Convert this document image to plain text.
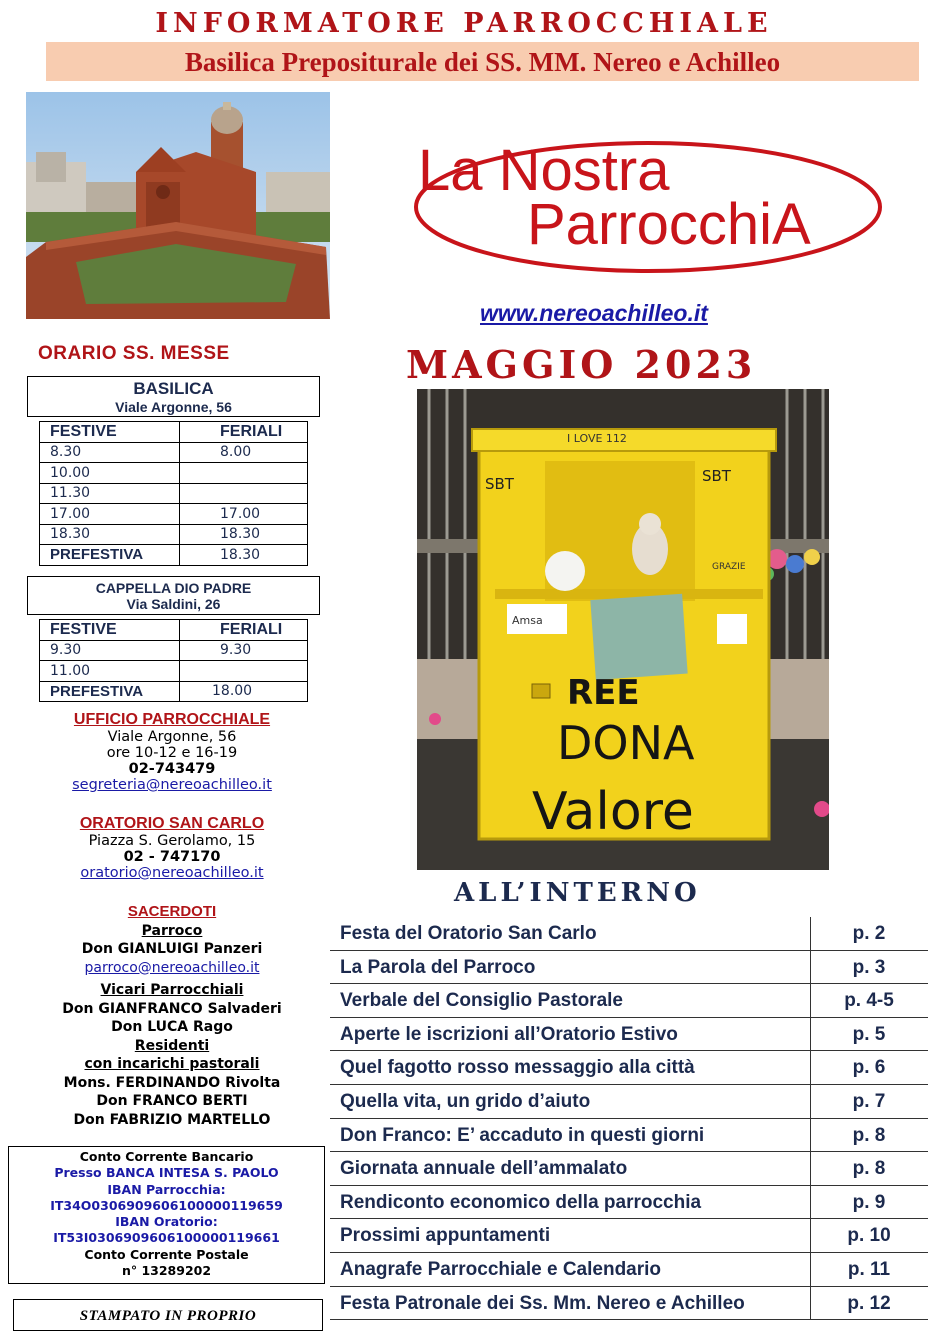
INFORMATORE PARROCCHIALE
Basilica Prepositurale dei SS. MM. Nereo e Achilleo
La Nostra
ParrocchiA
www.nereoachilleo.it
MAGGIO 2023
I LOVE 112
SBT	SBT
Amsa
GRAZIE
REE
DONA
Valore
ALL’INTERNO
Festa del Oratorio San Carlo	p. 2
La Parola del Parroco	p. 3
Verbale del Consiglio Pastorale	p. 4-5
Aperte le iscrizioni all’Oratorio Estivo	p. 5
Quel fagotto rosso messaggio alla città	p. 6
Quella vita, un grido d’aiuto	p. 7
Don Franco: E’ accaduto in questi giorni	p. 8
Giornata annuale dell’ammalato	p. 8
Rendiconto economico della parrocchia	p. 9
Prossimi appuntamenti	p. 10
Anagrafe Parrocchiale e Calendario	p. 11
Festa Patronale dei Ss. Mm. Nereo e Achilleo	p. 12
ORARIO SS. MESSE
BASILICA
Viale Argonne, 56
FESTIVE	FERIALI
8.30	8.00
10.00	
11.30	
17.00	17.00
18.30	18.30
PREFESTIVA	18.30
CAPPELLA DIO PADRE
Via Saldini, 26
FESTIVE	FERIALI
9.30	9.30
11.00	
PREFESTIVA	18.00
UFFICIO PARROCCHIALE
Viale Argonne, 56
ore 10-12 e 16-19
02-743479
segreteria@nereoachilleo.it
ORATORIO SAN CARLO
Piazza S. Gerolamo, 15
02 - 747170
oratorio@nereoachilleo.it
SACERDOTI
Parroco
Don GIANLUIGI Panzeri
parroco@nereoachilleo.it
Vicari Parrocchiali
Don GIANFRANCO Salvaderi
Don LUCA Rago
Residenti
con incarichi pastorali
Mons. FERDINANDO Rivolta
Don FRANCO BERTI
Don FABRIZIO MARTELLO
Conto Corrente Bancario
Presso BANCA INTESA S. PAOLO
IBAN Parrocchia:
IT34O0306909606100000119659
IBAN Oratorio:
IT53I0306909606100000119661
Conto Corrente Postale
n° 13289202
STAMPATO IN PROPRIO
